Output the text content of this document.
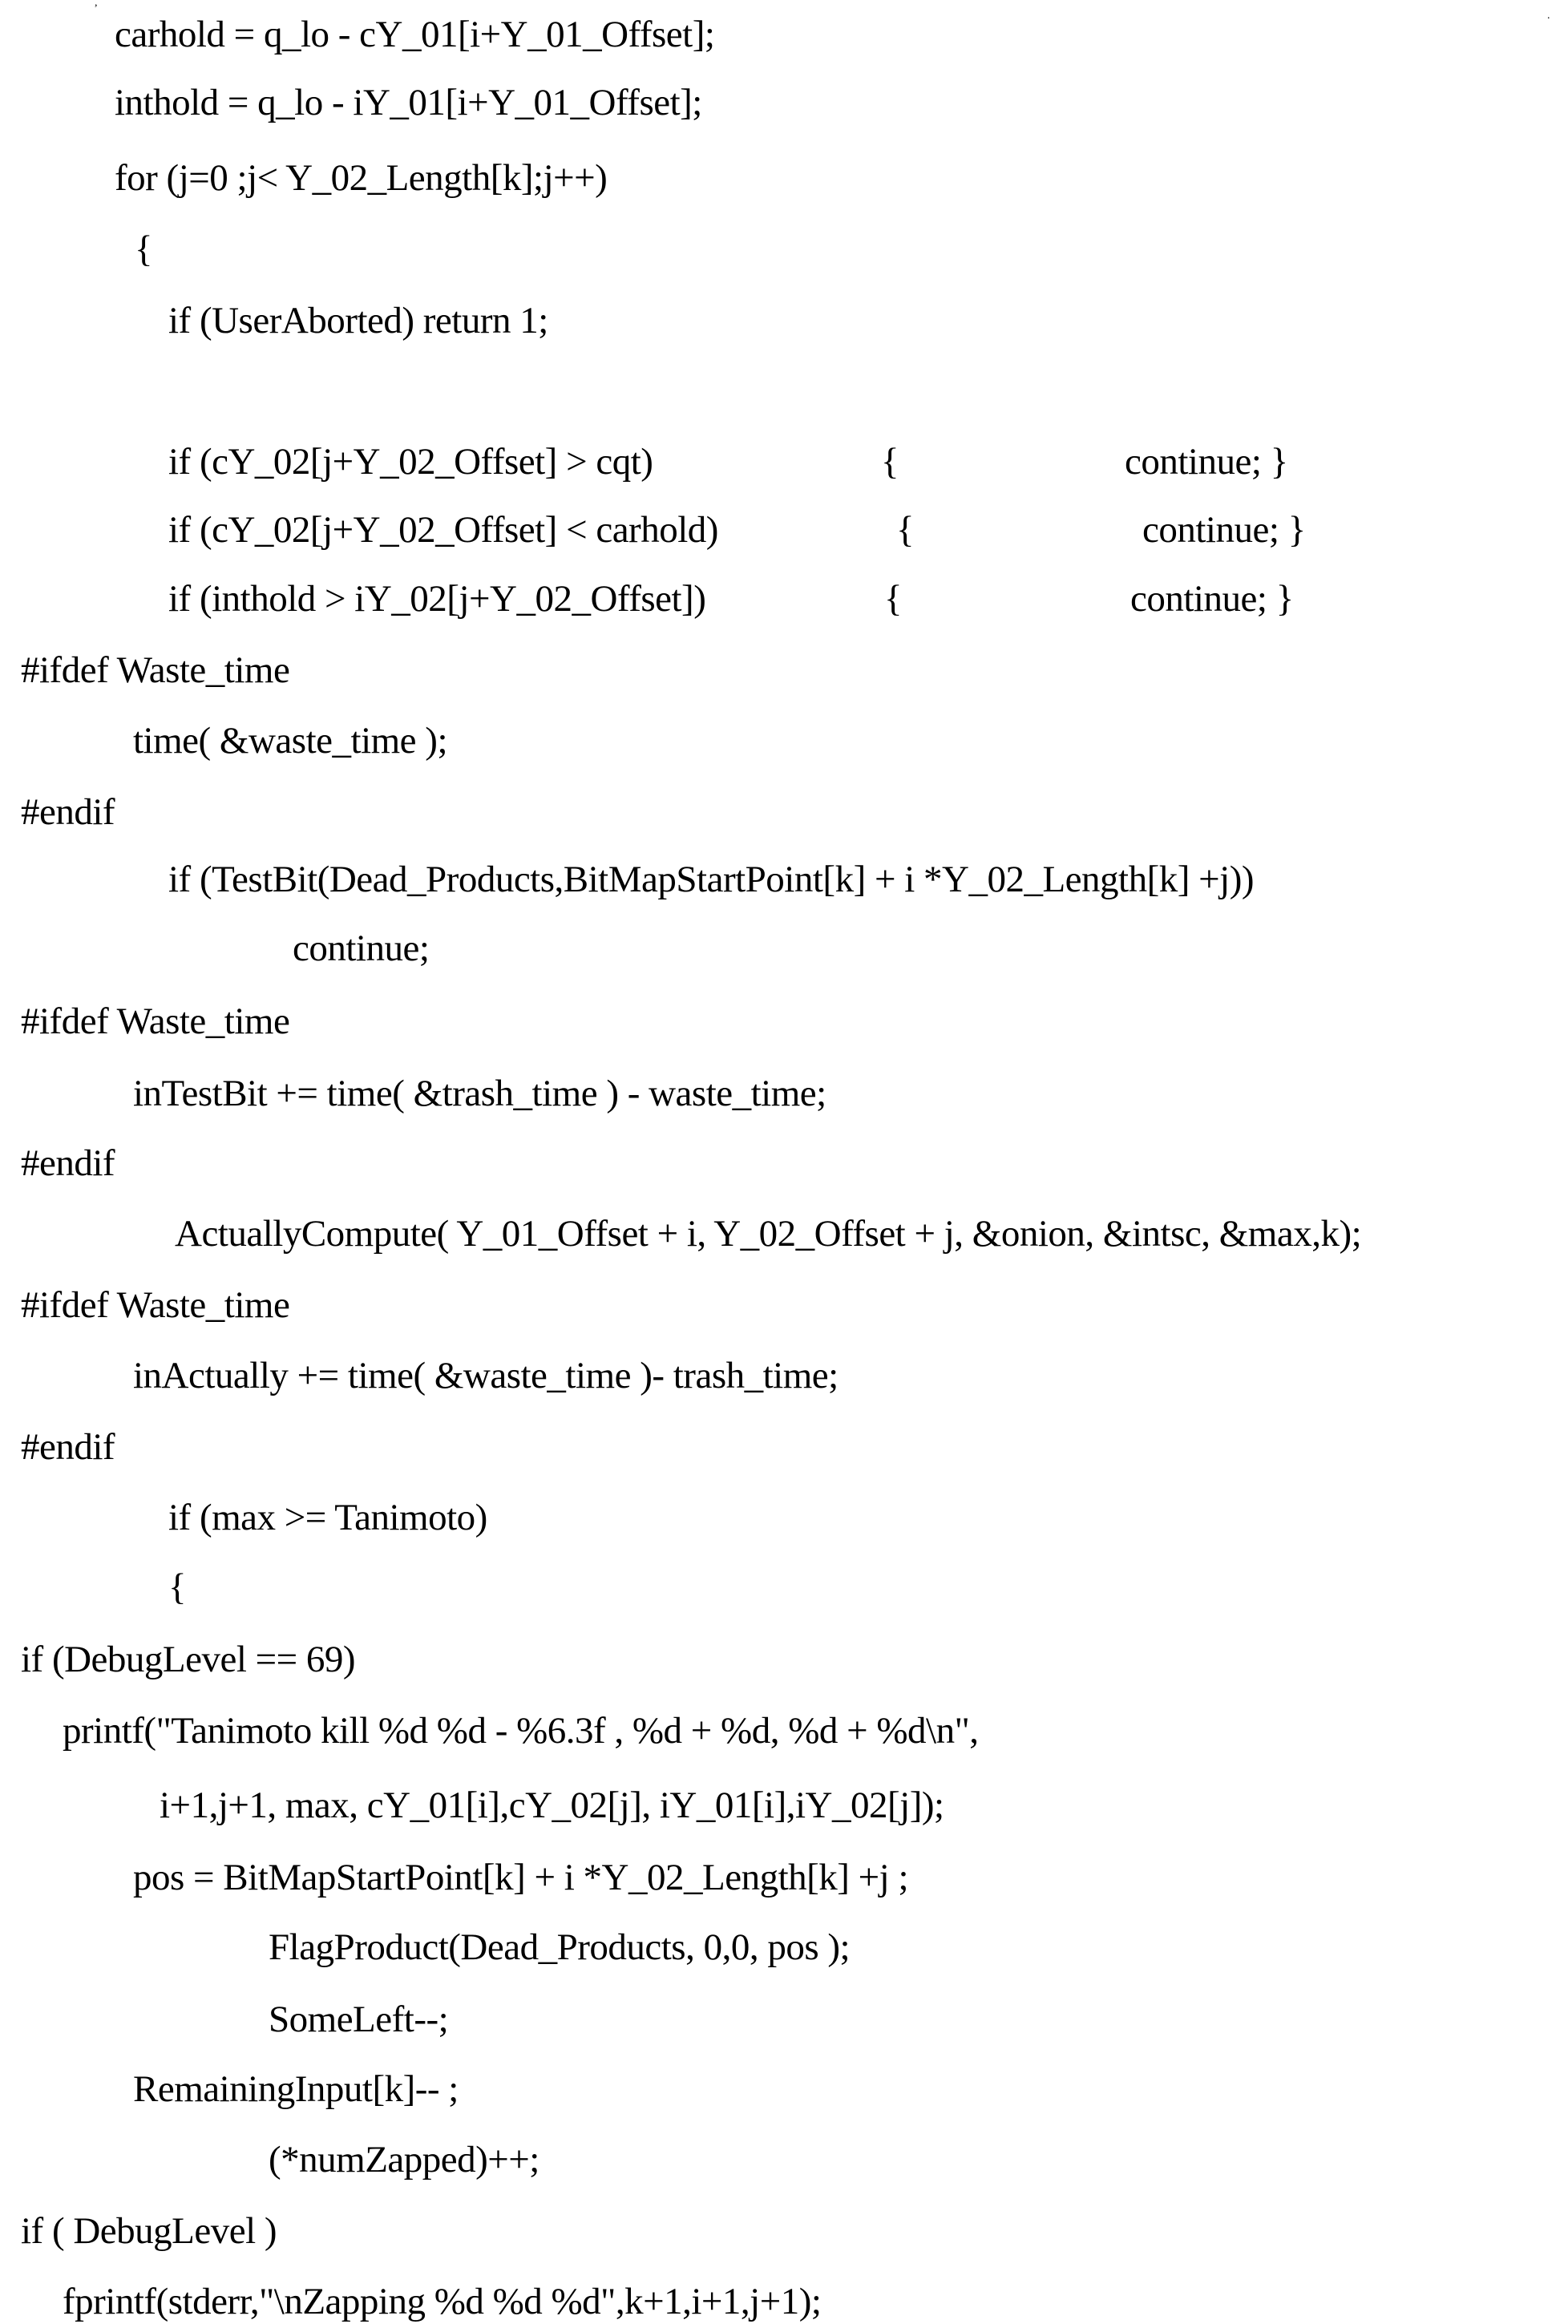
,
.
carhold = q_lo - cY_01[i+Y_01_Offset];
inthold = q_lo - iY_01[i+Y_01_Offset];
for (j=0 ;j< Y_02_Length[k];j++)
{
if (UserAborted) return 1;
if (cY_02[j+Y_02_Offset] > cqt)	{	continue; }
if (cY_02[j+Y_02_Offset] < carhold)	{	continue; }
if (inthold > iY_02[j+Y_02_Offset])	{	continue; }
#ifdef Waste_time
time( &waste_time );
#endif
if (TestBit(Dead_Products,BitMapStartPoint[k] + i *Y_02_Length[k] +j))
continue;
#ifdef Waste_time
inTestBit += time( &trash_time ) - waste_time;
#endif
ActuallyCompute( Y_01_Offset + i, Y_02_Offset + j, &onion, &intsc, &max,k);
#ifdef Waste_time
inActually += time( &waste_time )- trash_time;
#endif
if (max >= Tanimoto)
{
if (DebugLevel == 69)
printf("Tanimoto kill %d %d - %6.3f , %d + %d, %d + %d\n",
i+1,j+1, max, cY_01[i],cY_02[j], iY_01[i],iY_02[j]);
pos = BitMapStartPoint[k] + i *Y_02_Length[k] +j ;
FlagProduct(Dead_Products, 0,0, pos );
SomeLeft--;
RemainingInput[k]-- ;
(*numZapped)++;
if ( DebugLevel )
fprintf(stderr,"\nZapping %d %d %d",k+1,i+1,j+1);
